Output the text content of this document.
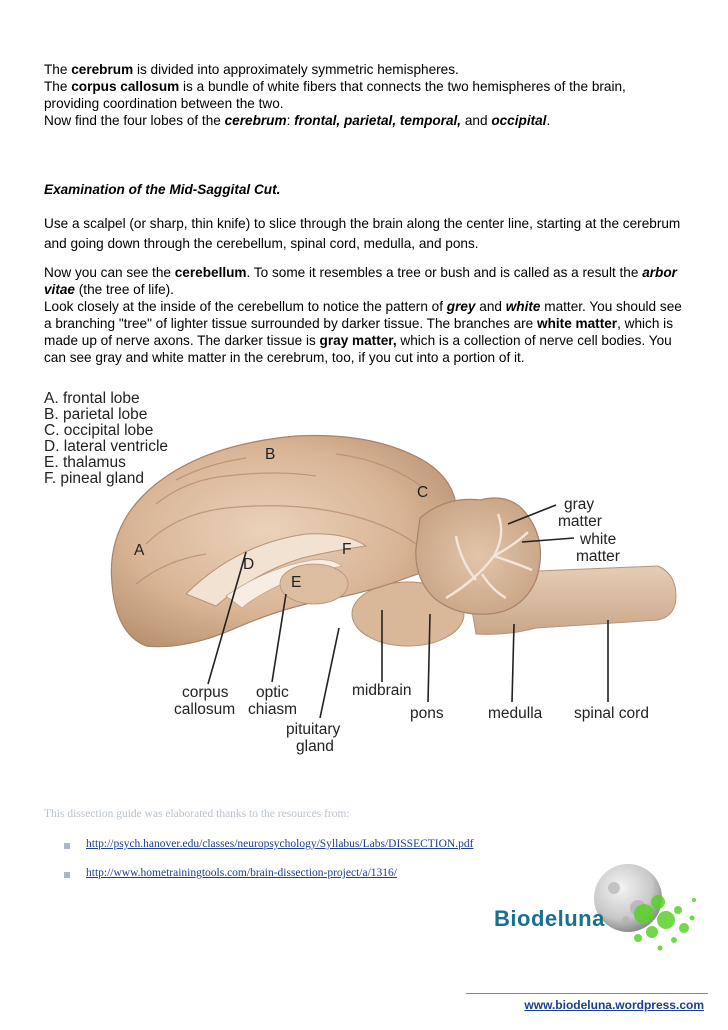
The cerebrum is divided into approximately symmetric hemispheres.

The corpus callosum is a bundle of white fibers that connects the two hemispheres of the brain, providing coordination between the two.

Now find the four lobes of the cerebrum: frontal, parietal, temporal, and occipital.

Examination of the Mid-Saggital Cut.
Use a scalpel (or sharp, thin knife) to slice through the brain along the center line, starting at the cerebrum and going down through the cerebellum, spinal cord, medulla, and pons.

Now you can see the cerebellum. To some it resembles a tree or bush and is called as a result the arbor vitae (the tree of life).

Look closely at the inside of the cerebellum to notice the pattern of grey and white matter. You should see a branching "tree" of lighter tissue surrounded by darker tissue. The branches are white matter, which is made up of nerve axons. The darker tissue is gray matter, which is a collection of nerve cell bodies. You can see gray and white matter in the cerebrum, too, if you cut into a portion of it.

A. frontal lobe
B. parietal lobe
C. occipital lobe
D. lateral ventricle
E. thalamus
F. pineal gland
A
B
C
D
E
F
gray
matter
white
matter
corpus
callosum
optic
chiasm
midbrain
pons	medulla spinal cord
pituitary
gland
This dissection guide was elaborated thanks to the resources from:
http://psych.hanover.edu/classes/neuropsychology/Syllabus/Labs/DISSECTION.pdf
http://www.hometrainingtools.com/brain-dissection-project/a/1316/
Biodeluna
www.biodeluna.wordpress.com
